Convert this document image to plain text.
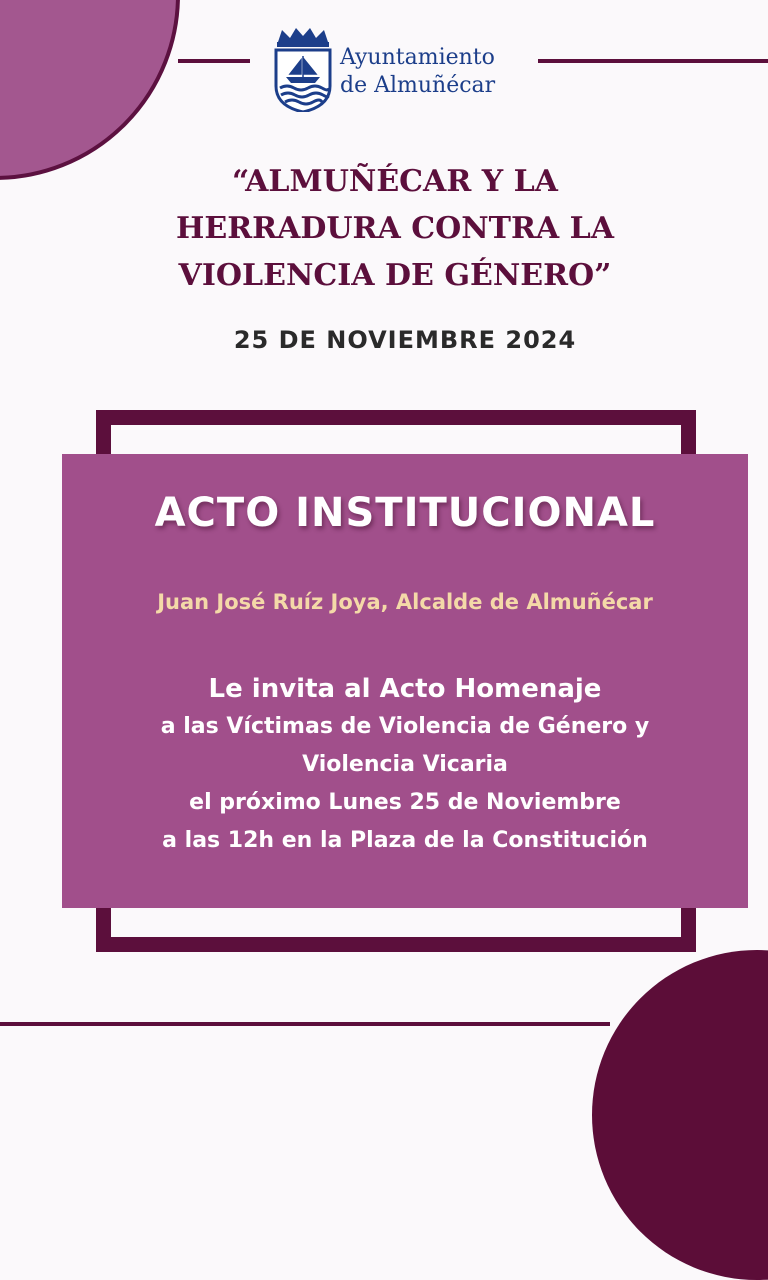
Ayuntamiento
de Almuñécar
“ALMUÑÉCAR Y LA
HERRADURA CONTRA LA
VIOLENCIA DE GÉNERO”
25 DE NOVIEMBRE 2024
ACTO INSTITUCIONAL
Juan José Ruíz Joya, Alcalde de Almuñécar
Le invita al Acto Homenaje
a las Víctimas de Violencia de Género y
Violencia Vicaria
el próximo Lunes 25 de Noviembre
a las 12h en la Plaza de la Constitución
